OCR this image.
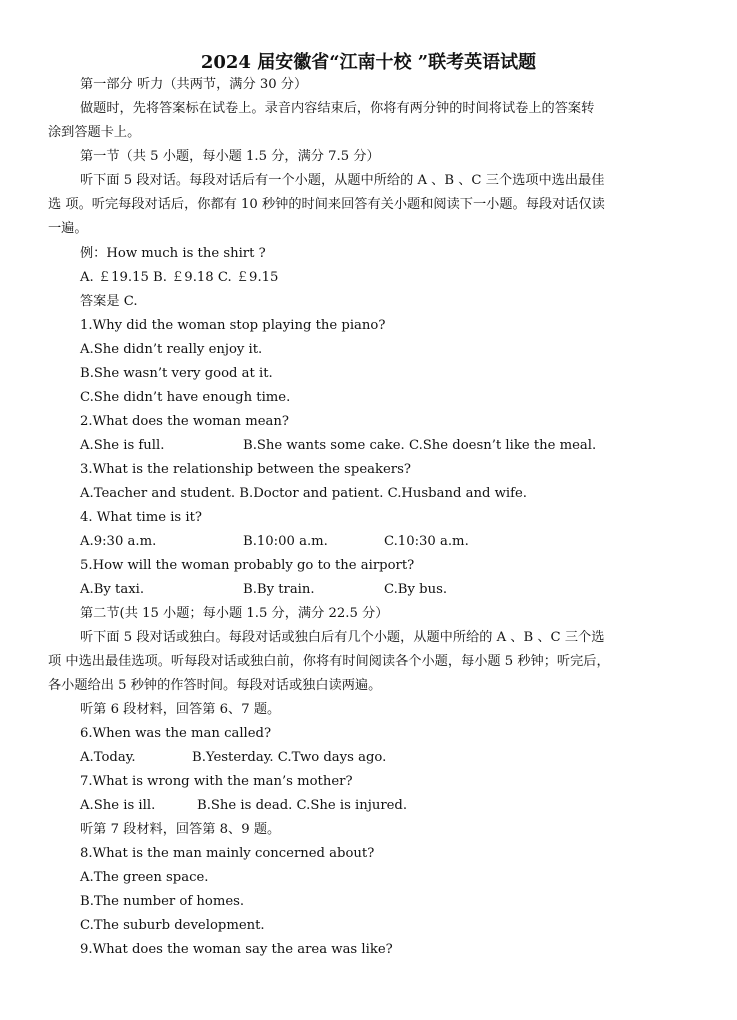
2024 届安徽省“江南十校 ”联考英语试题
第一部分 听力（共两节，满分 30 分）
做题时，先将答案标在试卷上。录音内容结束后，你将有两分钟的时间将试卷上的答案转
涂到答题卡上。
第一节（共 5 小题，每小题 1.5 分，满分 7.5 分）
听下面 5 段对话。每段对话后有一个小题，从题中所给的 A 、B 、C 三个选项中选出最佳
选 项。听完每段对话后，你都有 10 秒钟的时间来回答有关小题和阅读下一小题。每段对话仅读
一遍。
例：How much is the shirt ?
A. ￡19.15 B. ￡9.18 C. ￡9.15
答案是 C.
1.Why did the woman stop playing the piano?
A.She didn’t really enjoy it.
B.She wasn’t very good at it.
C.She didn’t have enough time.
2.What does the woman mean?
A.She is full.	B.She wants some cake. C.She doesn’t like the meal.
3.What is the relationship between the speakers?
A.Teacher and student. B.Doctor and patient. C.Husband and wife.
4. What time is it?
A.9:30 a.m.	B.10:00 a.m.	C.10:30 a.m.
5.How will the woman probably go to the airport?
A.By taxi.	B.By train.	C.By bus.
第二节(共 15 小题；每小题 1.5 分，满分 22.5 分）
听下面 5 段对话或独白。每段对话或独白后有几个小题，从题中所给的 A 、B 、C 三个选
项 中选出最佳选项。听每段对话或独白前，你将有时间阅读各个小题，每小题 5 秒钟；听完后，
各小题给出 5 秒钟的作答时间。每段对话或独白读两遍。
听第 6 段材料，回答第 6、7 题。
6.When was the man called?
A.Today.	B.Yesterday. C.Two days ago.
7.What is wrong with the man’s mother?
A.She is ill.	B.She is dead. C.She is injured.
听第 7 段材料，回答第 8、9 题。
8.What is the man mainly concerned about?
A.The green space.
B.The number of homes.
C.The suburb development.
9.What does the woman say the area was like?
